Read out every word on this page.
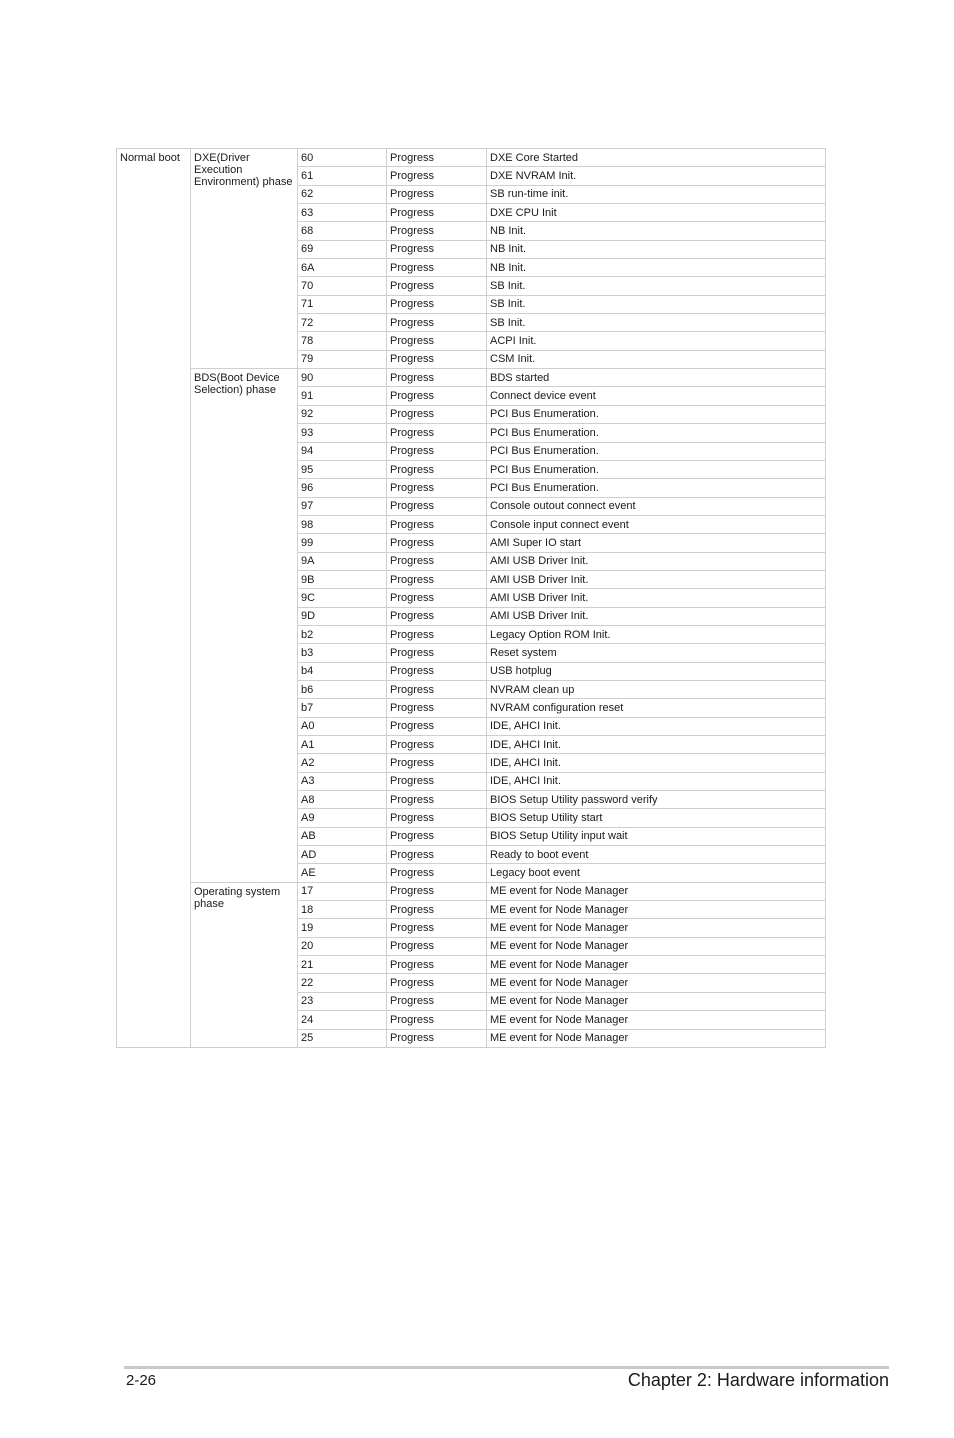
Normal boot	DXE(Driver Execution Environment) phase	60	Progress	DXE Core Started
		61	Progress	DXE NVRAM Init.
		62	Progress	SB run-time init.
		63	Progress	DXE CPU Init
		68	Progress	NB Init.
		69	Progress	NB Init.
		6A	Progress	NB Init.
		70	Progress	SB Init.
		71	Progress	SB Init.
		72	Progress	SB Init.
		78	Progress	ACPI Init.
		79	Progress	CSM Init.
	BDS(Boot Device Selection) phase	90	Progress	BDS started
		91	Progress	Connect device event
		92	Progress	PCI Bus Enumeration.
		93	Progress	PCI Bus Enumeration.
		94	Progress	PCI Bus Enumeration.
		95	Progress	PCI Bus Enumeration.
		96	Progress	PCI Bus Enumeration.
		97	Progress	Console outout connect event
		98	Progress	Console input connect event
		99	Progress	AMI Super IO start
		9A	Progress	AMI USB Driver Init.
		9B	Progress	AMI USB Driver Init.
		9C	Progress	AMI USB Driver Init.
		9D	Progress	AMI USB Driver Init.
		b2	Progress	Legacy Option ROM Init.
		b3	Progress	Reset system
		b4	Progress	USB hotplug
		b6	Progress	NVRAM clean up
		b7	Progress	NVRAM configuration reset
		A0	Progress	IDE, AHCI Init.
		A1	Progress	IDE, AHCI Init.
		A2	Progress	IDE, AHCI Init.
		A3	Progress	IDE, AHCI Init.
		A8	Progress	BIOS Setup Utility password verify
		A9	Progress	BIOS Setup Utility start
		AB	Progress	BIOS Setup Utility input wait
		AD	Progress	Ready to boot event
		AE	Progress	Legacy boot event
	Operating system phase	17	Progress	ME event for Node Manager
		18	Progress	ME event for Node Manager
		19	Progress	ME event for Node Manager
		20	Progress	ME event for Node Manager
		21	Progress	ME event for Node Manager
		22	Progress	ME event for Node Manager
		23	Progress	ME event for Node Manager
		24	Progress	ME event for Node Manager
		25	Progress	ME event for Node Manager
2-26	Chapter 2: Hardware information
